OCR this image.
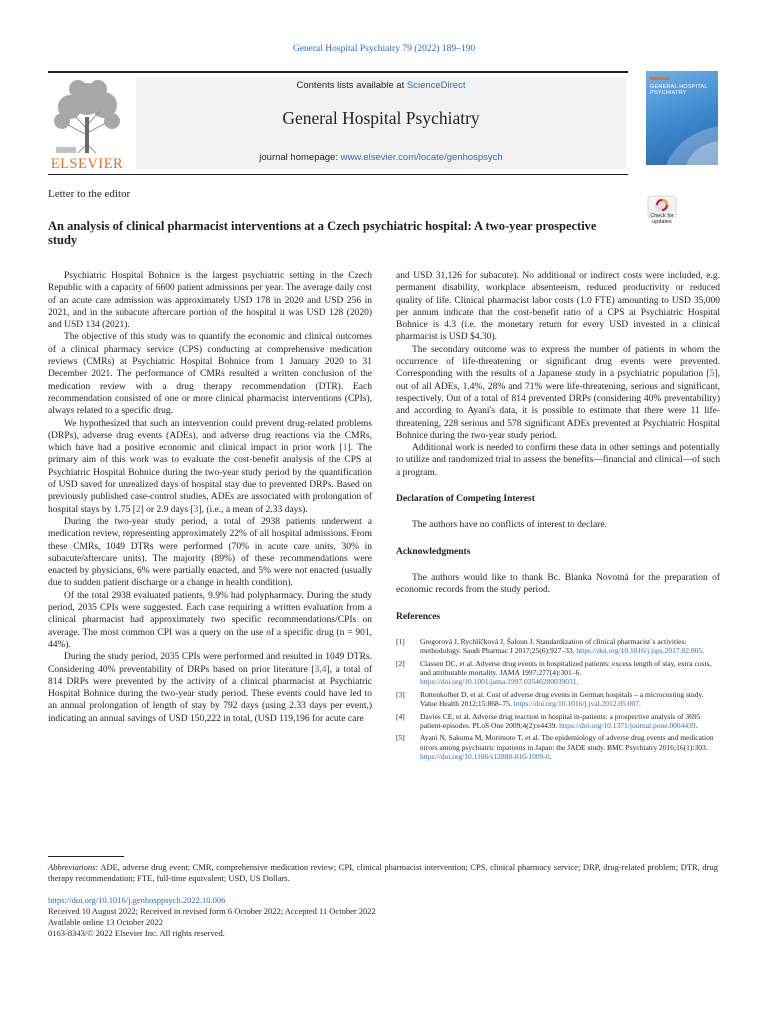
General Hospital Psychiatry 79 (2022) 189–190
ELSEVIER
Contents lists available at ScienceDirect
General Hospital Psychiatry
journal homepage: www.elsevier.com/locate/genhospsych
GENERAL HOSPITAL PSYCHIATRY
Letter to the editor
Check for updates
An analysis of clinical pharmacist interventions at a Czech psychiatric hospital: A two-year prospective study

Psychiatric Hospital Bohnice is the largest psychiatric setting in the Czech Republic with a capacity of 6600 patient admissions per year. The average daily cost of an acute care admission was approximately USD 178 in 2020 and USD 256 in 2021, and in the subacute aftercare portion of the hospital it was USD 128 (2020) and USD 134 (2021).

The objective of this study was to quantify the economic and clinical outcomes of a clinical pharmacy service (CPS) conducting at comprehensive medication reviews (CMRs) at Psychiatric Hospital Bohnice from 1 January 2020 to 31 December 2021. The performance of CMRs resulted a written conclusion of the medication review with a drug therapy recommendation (DTR). Each recommendation consisted of one or more clinical pharmacist interventions (CPIs), always related to a specific drug.

We hypothesized that such an intervention could prevent drug-related problems (DRPs), adverse drug events (ADEs), and adverse drug reactions via the CMRs, which have had a positive economic and clinical impact in prior work [1]. The primary aim of this work was to evaluate the cost-benefit analysis of the CPS at Psychiatric Hospital Bohnice during the two-year study period by the quantification of USD saved for unrealized days of hospital stay due to prevented DRPs. Based on previously published case-control studies, ADEs are associated with prolongation of hospital stays by 1.75 [2] or 2.9 days [3], (i.e., a mean of 2.33 days).

During the two-year study period, a total of 2938 patients underwent a medication review, representing approximately 22% of all hospital admissions. From these CMRs, 1049 DTRs were performed (70% in acute care units, 30% in subacute/aftercare units). The majority (89%) of these recommendations were enacted by physicians, 6% were partially enacted, and 5% were not enacted (usually due to sudden patient discharge or a change in health condition).

Of the total 2938 evaluated patients, 9.9% had polypharmacy. During the study period, 2035 CPIs were suggested. Each case requiring a written evaluation from a clinical pharmacist had approximately two specific recommendations/CPIs on average. The most common CPI was a query on the use of a specific drug (n = 901, 44%).

During the study period, 2035 CPIs were performed and resulted in 1049 DTRs. Considering 40% preventability of DRPs based on prior literature [3,4], a total of 814 DRPs were prevented by the activity of a clinical pharmacist at Psychiatric Hospital Bohnice during the two-year study period. These events could have led to an annual prolongation of length of stay by 792 days (using 2.33 days per event,) indicating an annual savings of USD 150,222 in total, (USD 119,196 for acute care

and USD 31,126 for subacute). No additional or indirect costs were included, e.g. permanent disability, workplace absenteeism, reduced productivity or reduced quality of life. Clinical pharmacist labor costs (1.0 FTE) amounting to USD 35,000 per annum indicate that the cost-benefit ratio of a CPS at Psychiatric Hospital Bohnice is 4.3 (i.e. the monetary return for every USD invested in a clinical pharmacist is USD $4.30).

The secondary outcome was to express the number of patients in whom the occurrence of life-threatening or significant drug events were prevented. Corresponding with the results of a Japanese study in a psychiatric population [5], out of all ADEs, 1.4%, 28% and 71% were life-threatening, serious and significant, respectively. Out of a total of 814 prevented DRPs (considering 40% preventability) and according to Ayani's data, it is possible to estimate that there were 11 life-threatening, 228 serious and 578 significant ADEs prevented at Psychiatric Hospital Bohnice during the two-year study period.

Additional work is needed to confirm these data in other settings and potentially to utilize and randomized trial to assess the benefits—financial and clinical—of such a program.

Declaration of Competing Interest

The authors have no conflicts of interest to declare.

Acknowledgments

The authors would like to thank Bc. Blanka Novotná for the preparation of economic records from the study period.

References
[1] Gregorová J, Rychlíčková J, Šaloun J. Standardization of clinical pharmacist´s activities: methodology. Saudi Pharmac J 2017;25(6):927–33. https://doi.org/10.1016/j.jsps.2017.02.005.
[2] Classen DC, et al. Adverse drug events in hospitalized patients: excess length of stay, extra costs, and attributable mortality. JAMA 1997;277(4):301–6. https://doi.org/10.1001/jama.1997.03540280039031.
[3] Rottenkolber D, et al. Cost of adverse drug events in German hospitals – a microcosting study. Value Health 2012;15:868–75. https://doi.org/10.1016/j.jval.2012.05.007.
[4] Davies CE, et al. Adverse drug reaction in hospital in-patients: a prospective analysis of 3695 patient-episodes. PLoS One 2009;4(2):e4439. https://doi.org/10.1371/journal.pone.0004439.
[5] Ayani N, Sakuma M, Morimoto T, et al. The epidemiology of adverse drug events and medication errors among psychiatric inpatients in Japan: the JADE study. BMC Psychiatry 2016;16(1):303. https://doi.org/10.1186/s12888-016-1009-0.
Abbreviations: ADE, adverse drug event; CMR, comprehensive medication review; CPI, clinical pharmacist intervention; CPS, clinical pharmacy service; DRP, drug-related problem; DTR, drug therapy recommendation; FTE, full-time equivalent; USD, US Dollars.
https://doi.org/10.1016/j.genhosppsych.2022.10.006
Received 10 August 2022; Received in revised form 6 October 2022; Accepted 11 October 2022
Available online 13 October 2022
0163-8343/© 2022 Elsevier Inc. All rights reserved.
